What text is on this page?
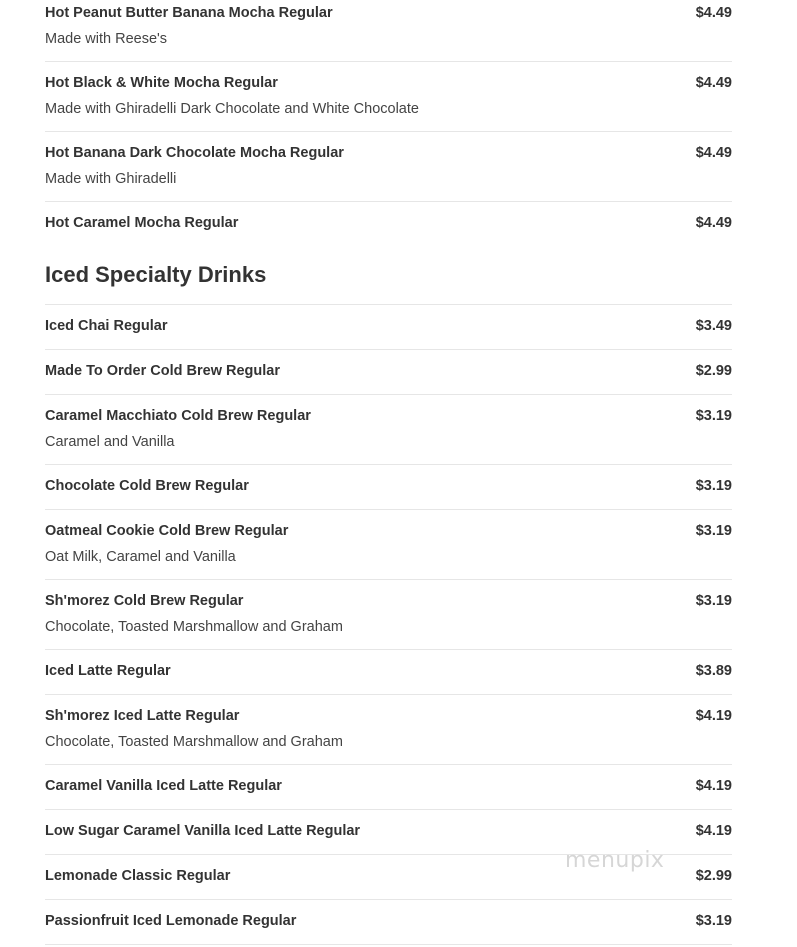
Hot Peanut Butter Banana Mocha Regular	$4.49
Made with Reese's
Hot Black & White Mocha Regular	$4.49
Made with Ghiradelli Dark Chocolate and White Chocolate
Hot Banana Dark Chocolate Mocha Regular	$4.49
Made with Ghiradelli
Hot Caramel Mocha Regular	$4.49
Iced Specialty Drinks
Iced Chai Regular	$3.49
Made To Order Cold Brew Regular	$2.99
Caramel Macchiato Cold Brew Regular	$3.19
Caramel and Vanilla
Chocolate Cold Brew Regular	$3.19
Oatmeal Cookie Cold Brew Regular	$3.19
Oat Milk, Caramel and Vanilla
Sh'morez Cold Brew Regular	$3.19
Chocolate, Toasted Marshmallow and Graham
Iced Latte Regular	$3.89
Sh'morez Iced Latte Regular	$4.19
Chocolate, Toasted Marshmallow and Graham
Caramel Vanilla Iced Latte Regular	$4.19
Low Sugar Caramel Vanilla Iced Latte Regular	$4.19
Lemonade Classic Regular	$2.99
Passionfruit Iced Lemonade Regular	$3.19
menupix
